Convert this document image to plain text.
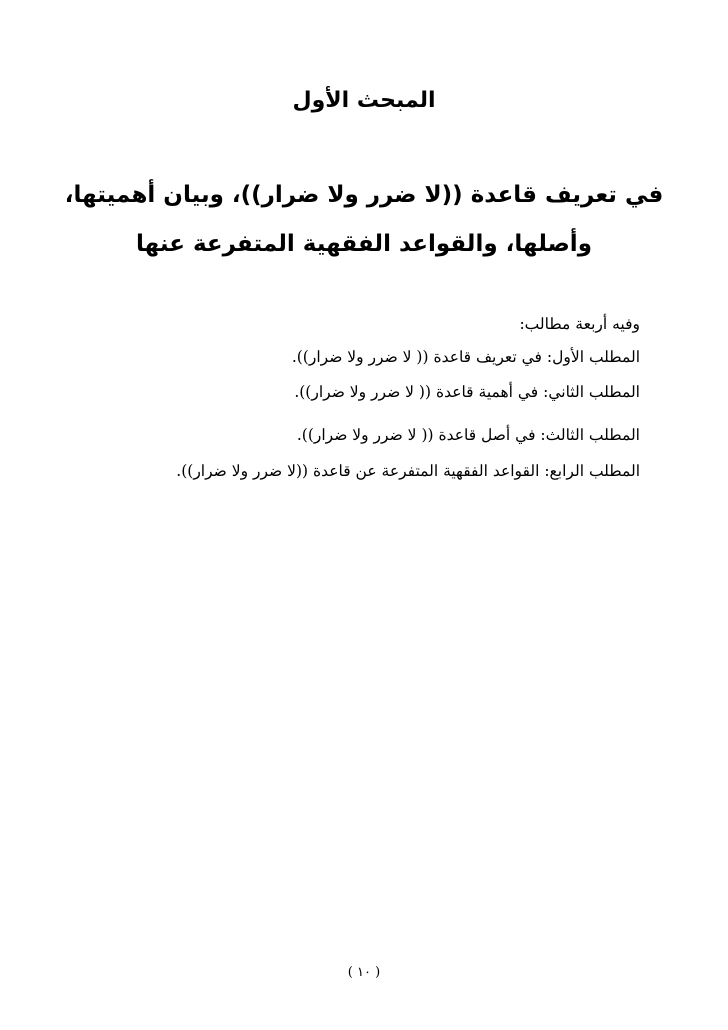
المبحث الأول
في تعريف قاعدة ((لا ضرر ولا ضرار))، وبيان أهميتها،
وأصلها، والقواعد الفقهية المتفرعة عنها
وفيه أربعة مطالب:
المطلب الأول: في تعريف قاعدة (( لا ضرر ولا ضرار)).
المطلب الثاني: في أهمية قاعدة (( لا ضرر ولا ضرار)).
المطلب الثالث: في أصل قاعدة (( لا ضرر ولا ضرار)).
المطلب الرابع: القواعد الفقهية المتفرعة عن قاعدة ((لا ضرر ولا ضرار)).
( ١٠ )
